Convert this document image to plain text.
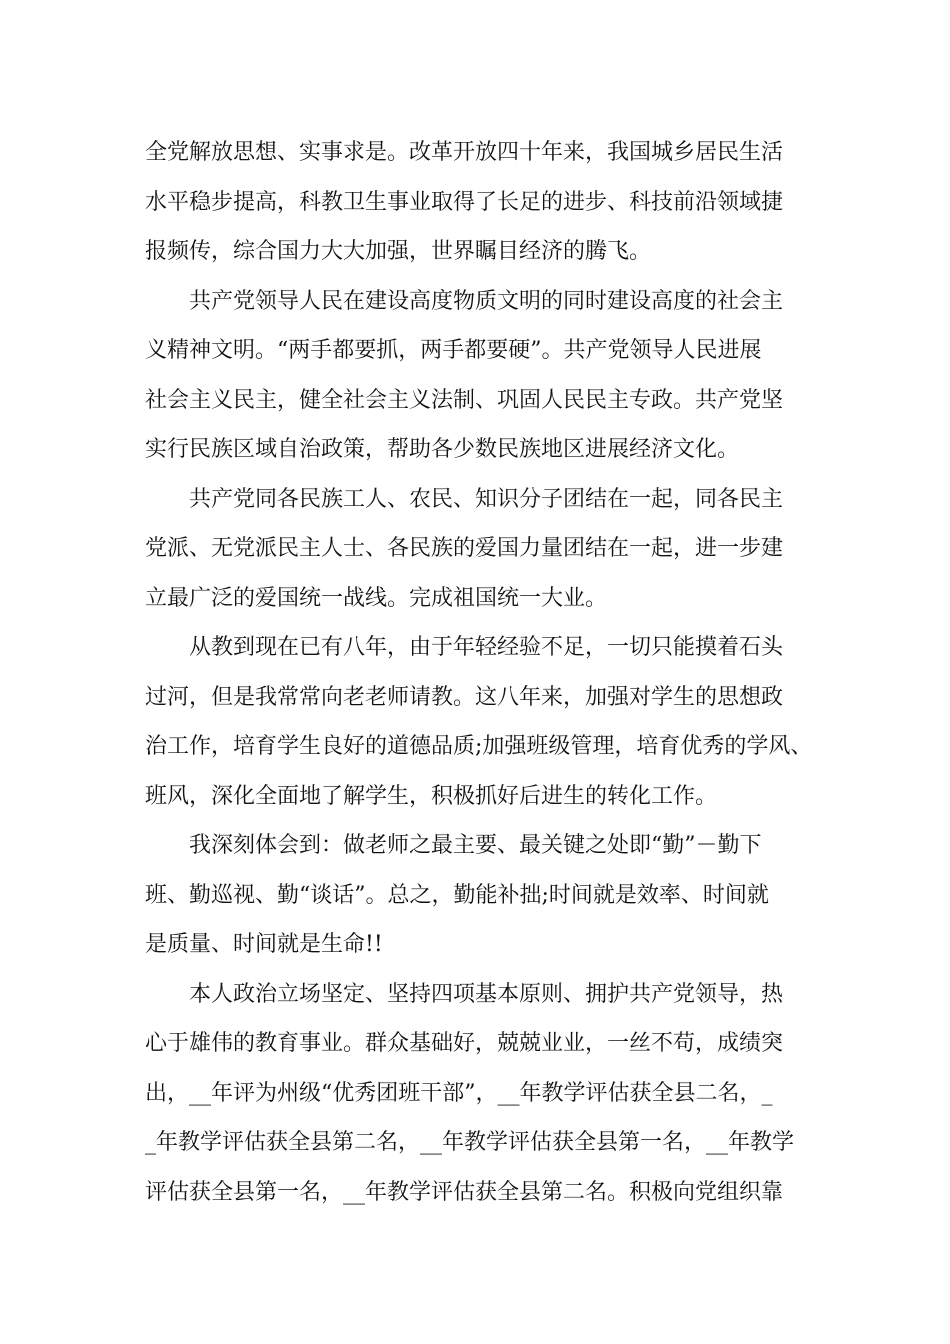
全党解放思想、实事求是。改革开放四十年来，我国城乡居民生活
水平稳步提高，科教卫生事业取得了长足的进步、科技前沿领域捷
报频传，综合国力大大加强，世界瞩目经济的腾飞。

共产党领导人民在建设高度物质文明的同时建设高度的社会主
义精神文明。“两手都要抓，两手都要硬”。共产党领导人民进展
社会主义民主，健全社会主义法制、巩固人民民主专政。共产党坚
实行民族区域自治政策，帮助各少数民族地区进展经济文化。

共产党同各民族工人、农民、知识分子团结在一起，同各民主
党派、无党派民主人士、各民族的爱国力量团结在一起，进一步建
立最广泛的爱国统一战线。完成祖国统一大业。

从教到现在已有八年，由于年轻经验不足，一切只能摸着石头
过河，但是我常常向老老师请教。这八年来，加强对学生的思想政
治工作，培育学生良好的道德品质;加强班级管理，培育优秀的学风、
班风，深化全面地了解学生，积极抓好后进生的转化工作。

我深刻体会到：做老师之最主要、最关键之处即“勤”－勤下
班、勤巡视、勤“谈话”。总之，勤能补拙;时间就是效率、时间就
是质量、时间就是生命!!

本人政治立场坚定、坚持四项基本原则、拥护共产党领导，热
心于雄伟的教育事业。群众基础好，兢兢业业，一丝不苟，成绩突
出，__年评为州级“优秀团班干部”，__年教学评估获全县二名，_
_年教学评估获全县第二名，__年教学评估获全县第一名，__年教学
评估获全县第一名，__年教学评估获全县第二名。积极向党组织靠
